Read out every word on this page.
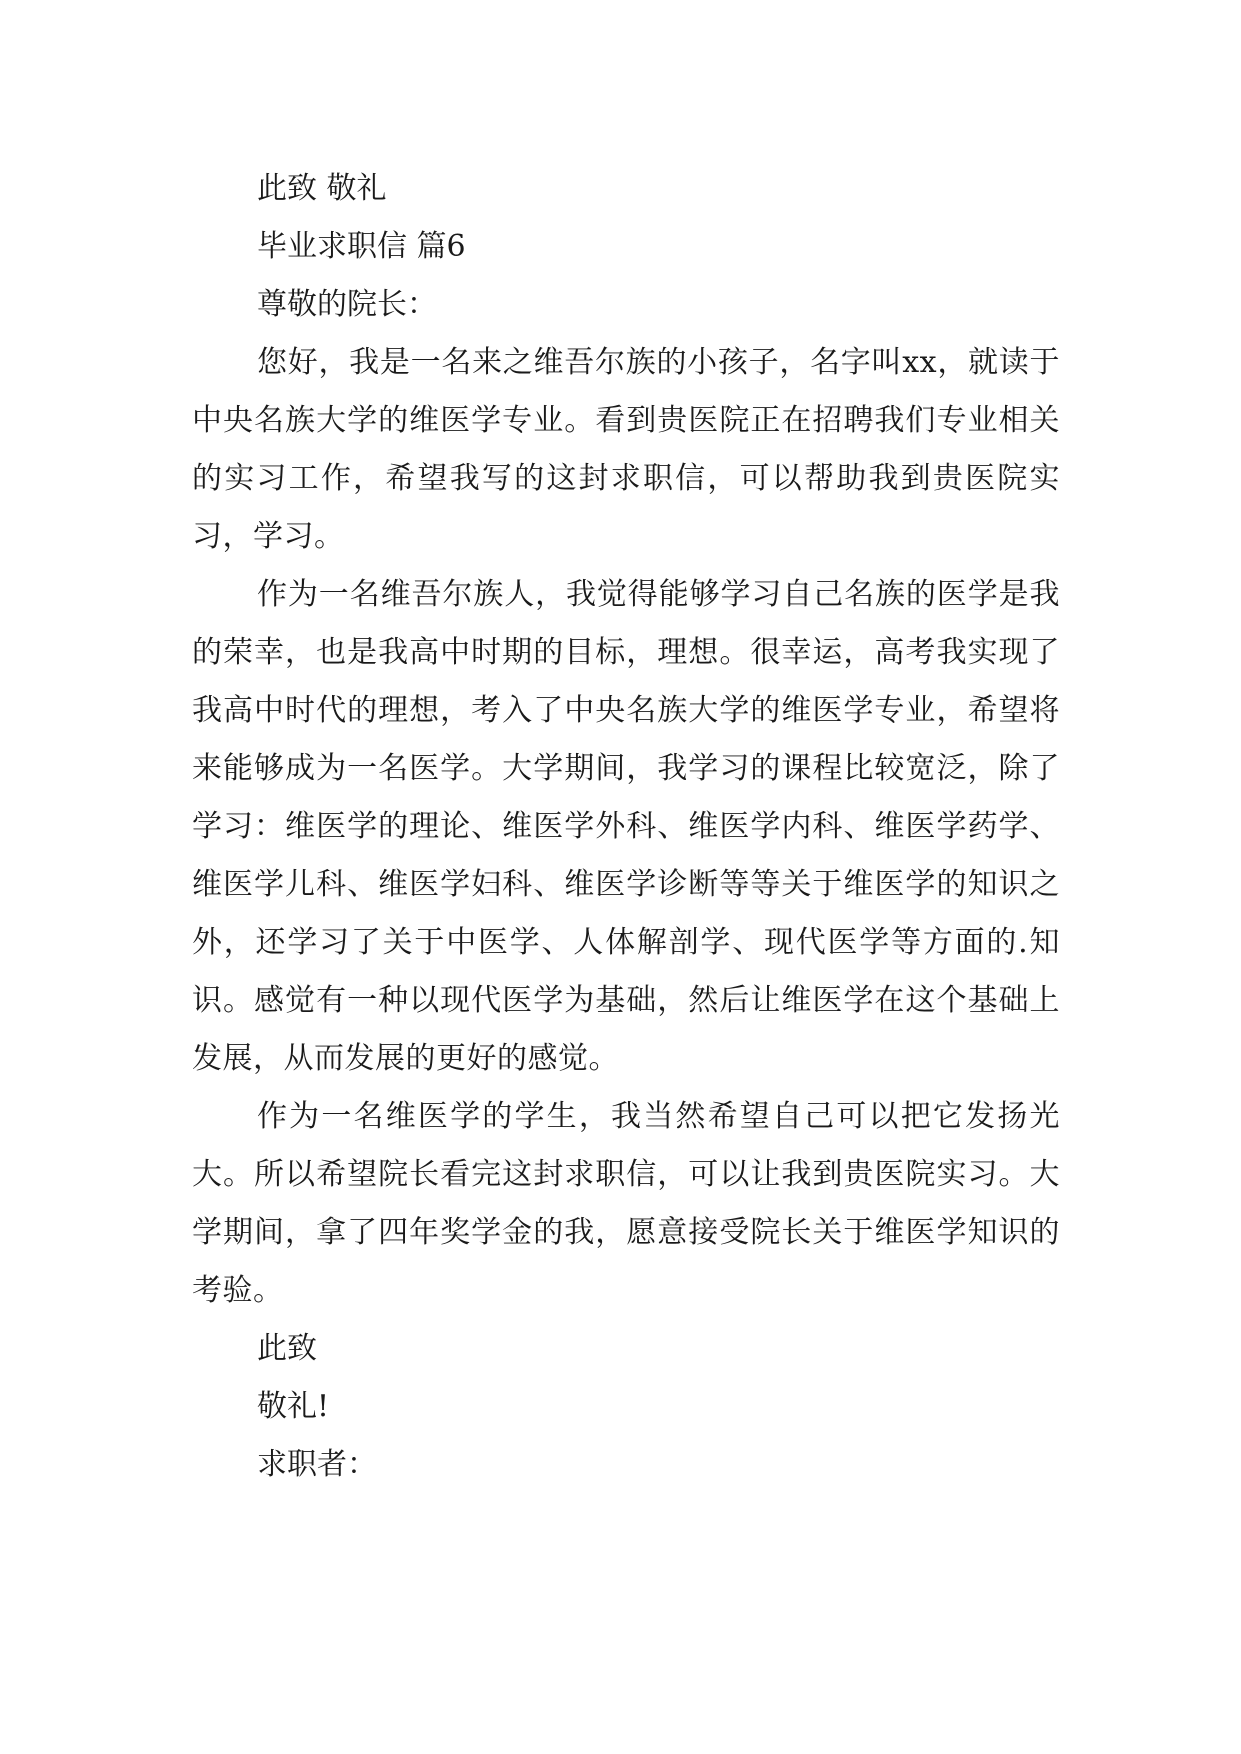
此致 敬礼

毕业求职信 篇6

尊敬的院长：

您好，我是一名来之维吾尔族的小孩子，名字叫xx，就读于中央名族大学的维医学专业。看到贵医院正在招聘我们专业相关的实习工作，希望我写的这封求职信，可以帮助我到贵医院实习，学习。

作为一名维吾尔族人，我觉得能够学习自己名族的医学是我的荣幸，也是我高中时期的目标，理想。很幸运，高考我实现了我高中时代的理想，考入了中央名族大学的维医学专业，希望将来能够成为一名医学。大学期间，我学习的课程比较宽泛，除了学习：维医学的理论、维医学外科、维医学内科、维医学药学、维医学儿科、维医学妇科、维医学诊断等等关于维医学的知识之外，还学习了关于中医学、人体解剖学、现代医学等方面的.知识。感觉有一种以现代医学为基础，然后让维医学在这个基础上发展，从而发展的更好的感觉。

作为一名维医学的学生，我当然希望自己可以把它发扬光大。所以希望院长看完这封求职信，可以让我到贵医院实习。大学期间，拿了四年奖学金的我，愿意接受院长关于维医学知识的考验。

此致

敬礼!

求职者：
